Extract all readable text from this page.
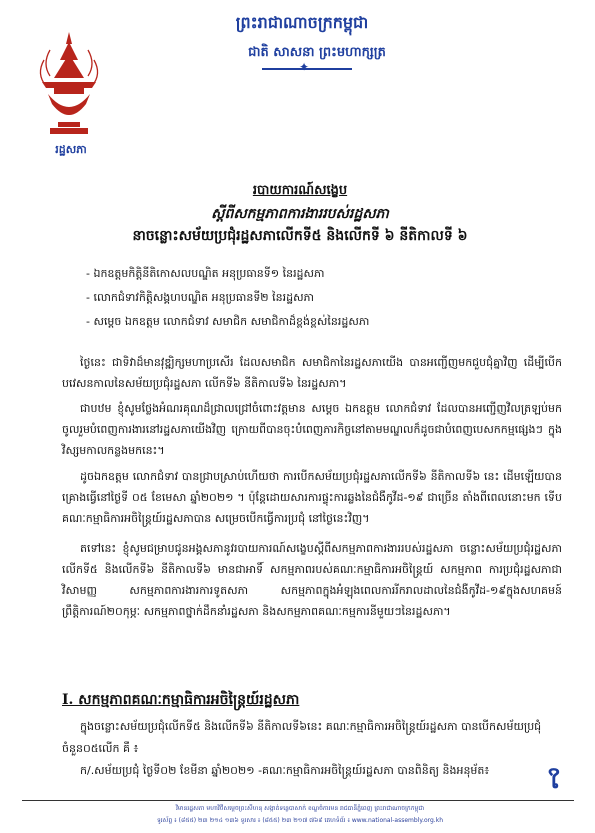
រដ្ឋសភា
ព្រះរាជាណាចក្រកម្ពុជា
ជាតិ សាសនា ព្រះមហាក្សត្រ
✦
របាយការណ៍សង្ខេប
ស្តីពីសកម្មភាពការងាររបស់រដ្ឋសភា
នាចន្លោះសម័យប្រជុំរដ្ឋសភាលើកទី៥ និងលើកទី ៦ នីតិកាលទី ៦
- ឯកឧត្តមកិត្តិនីតិកោសលបណ្ឌិត អនុប្រធានទី១ នៃរដ្ឋសភា
- លោកជំទាវកិត្តិសង្គហបណ្ឌិត អនុប្រធានទី២ នៃរដ្ឋសភា
- សម្តេច ឯកឧត្តម លោកជំទាវ សមាជិក សមាជិកាដ៏ខ្ពង់ខ្ពស់នៃរដ្ឋសភា

ថ្ងៃនេះ ជាទិវាដ៏មានវុឌ្ឍិក្សមហាប្រសើរ ដែលសមាជិក សមាជិកានៃរដ្ឋសភាយើង បានអញ្ជើញមកជួបជុំគ្នាវិញ ដើម្បីបើកបវេសនកាលនៃសម័យប្រជុំរដ្ឋសភា លើកទី៦ នីតិកាលទី៦ នៃរដ្ឋសភា។

ជាបឋម ខ្ញុំសូមថ្លែងអំណរគុណដ៏ជ្រាលជ្រៅចំពោះវត្តមាន សម្តេច ឯកឧត្តម លោកជំទាវ ដែលបានអញ្ជើញវិលត្រឡប់មកចូលរួមបំពេញការងារនៅរដ្ឋសភាយើងវិញ ក្រោយពីបានចុះបំពេញភារកិច្ចនៅតាមមណ្ឌលក៏ដូចជាបំពេញបេសកកម្មផ្សេងៗ ក្នុងវិស្សមកាលកន្លងមកនេះ។

ដូចឯកឧត្តម លោកជំទាវ បានជ្រាបស្រាប់ហើយថា ការបើកសម័យប្រជុំរដ្ឋសភាលើកទី៦ នីតិកាលទី៦ នេះ ដើមឡើយបានគ្រោងធ្វើនៅថ្ងៃទី ០៥ ខែមេសា ឆ្នាំ២០២១ ។ ប៉ុន្តែដោយសារការផ្ទុះការឆ្លងនៃជំងឺកូវីដ-១៩ ជាច្រើន តាំងពីពេលនោះមក ទើបគណៈកម្មាធិការអចិន្ត្រៃយ៍រដ្ឋសភាបាន សម្រេចបើកធ្វើការប្រជុំ នៅថ្ងៃនេះវិញ។

តទៅនេះ ខ្ញុំសូមជម្រាបជូនអង្គសភានូវរបាយការណ៍សង្ខេបស្តីពីសកម្មភាពការងាររបស់រដ្ឋសភា ចន្លោះសម័យប្រជុំរដ្ឋសភាលើកទី៥ និងលើកទី៦ នីតិកាលទី៦ មានជាអាទិ៍ សកម្មភាពរបស់គណៈកម្មាធិការអចិន្ត្រៃយ៍ សកម្មភាព ការប្រជុំរដ្ឋសភាជាវិសាមញ្ញ សកម្មភាពការងារការទូតសភា សកម្មភាពក្នុងអំឡុងពេលការរីករាលដាលនៃជំងឺកូវីដ-១៩ក្នុងសហគមន៍ព្រឹត្តិការណ៍២០កុម្ភៈ សកម្មភាពថ្នាក់ដឹកនាំរដ្ឋសភា និងសកម្មភាពគណៈកម្មការនីមួយៗនៃរដ្ឋសភា។

I. សកម្មភាពគណៈកម្មាធិការអចិន្ត្រៃយ៍រដ្ឋសភា

ក្នុងចន្លោះសម័យប្រជុំលើកទី៥ និងលើកទី៦ នីតិកាលទី៦នេះ គណៈកម្មាធិការអចិន្ត្រៃយ៍រដ្ឋសភា បានបើកសម័យប្រជុំចំនួន០៥លើក គឺ ៖

ក/.សម័យប្រជុំ ថ្ងៃទី០២ ខែមីនា ឆ្នាំ២០២១ -គណៈកម្មាធិការអចិន្ត្រៃយ៍រដ្ឋសភា បានពិនិត្យ និងអនុម័ត៖	ໃ
វិមានរដ្ឋសភា មហាវិថីសម្តេចព្រះសីហនុ សង្កាត់ទន្លេបាសាក់ ខណ្ឌចំការមន រាជធានីភ្នំពេញ ព្រះរាជាណាចក្រកម្ពុជា
ទូរស័ព្ទ ៖ (៨៥៥) ២៣ ២១៤ ១៣៦ ទូរសារ ៖ (៨៥៥) ២៣ ២១៧ ៧៦៩ គេហទំព័រ ៖ www.national-assembly.org.kh
